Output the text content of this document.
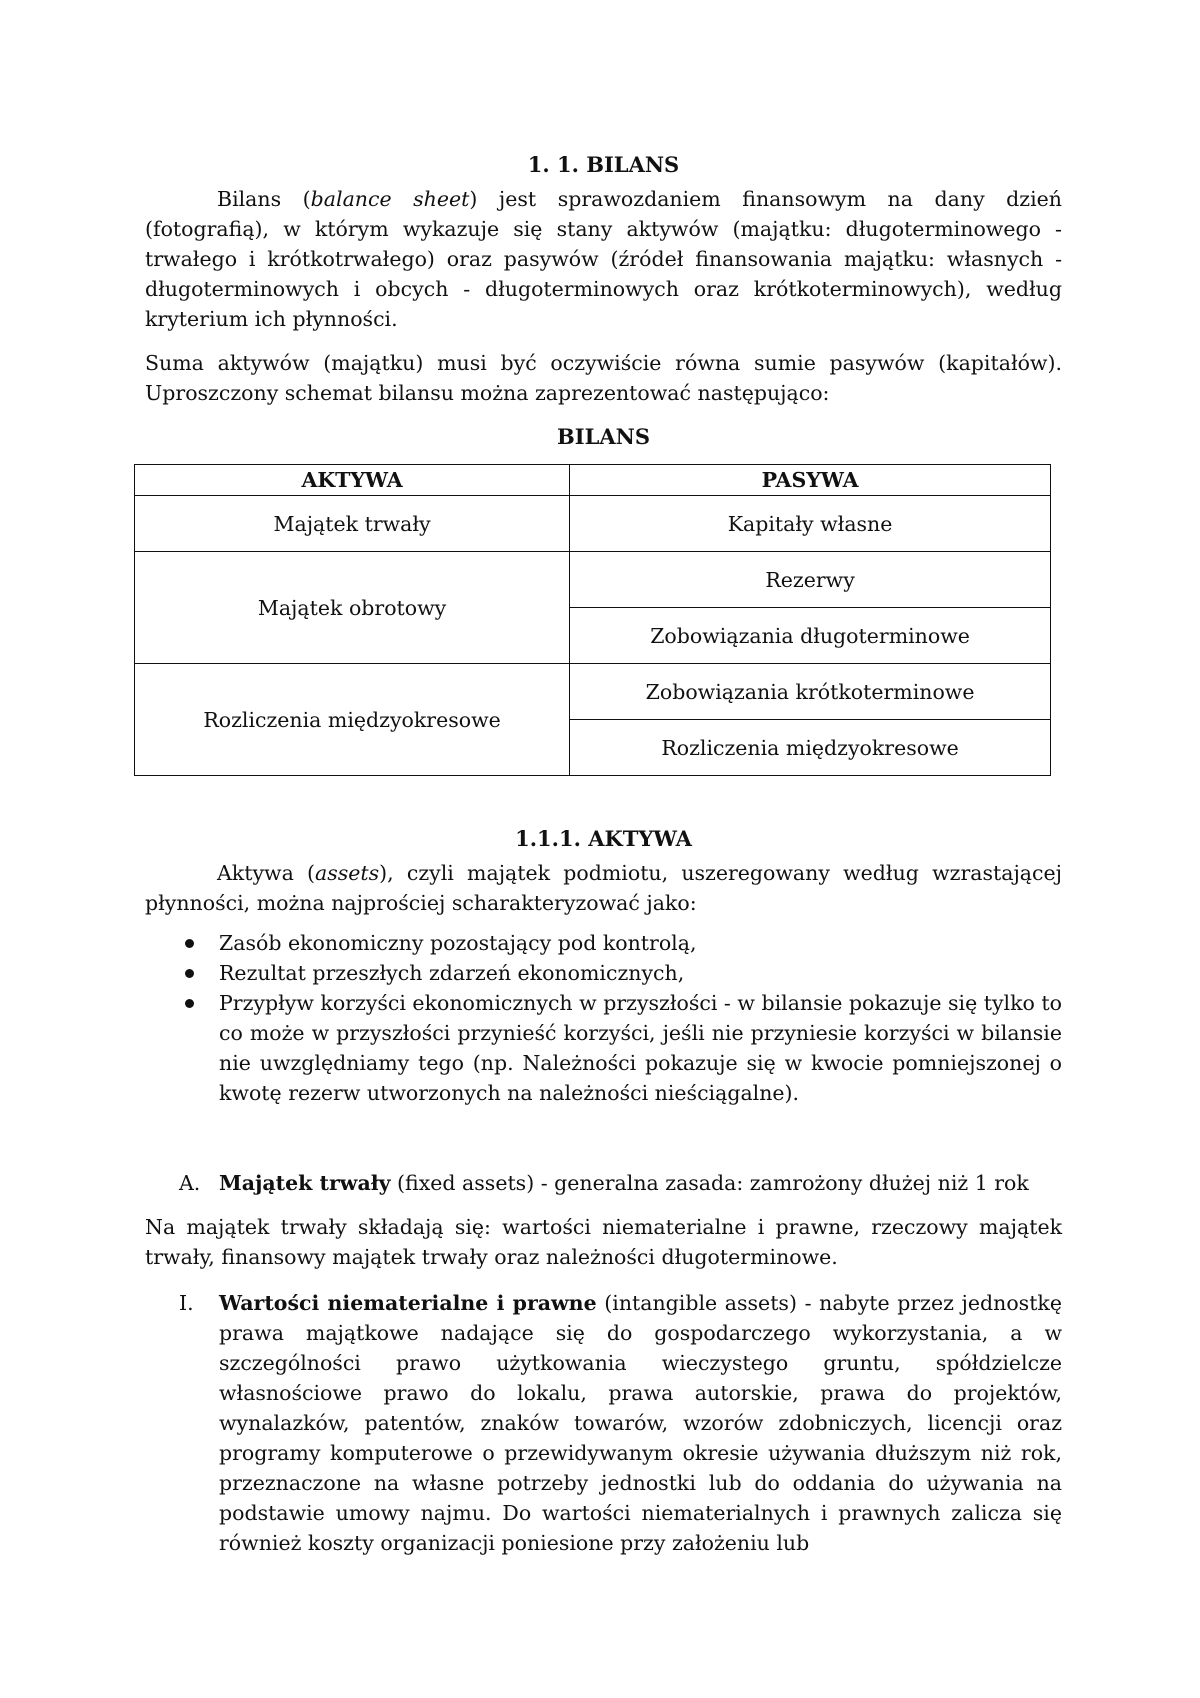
1. 1. BILANS

Bilans (balance sheet) jest sprawozdaniem finansowym na dany dzień (fotografią), w którym wykazuje się stany aktywów (majątku: długoterminowego - trwałego i krótkotrwałego) oraz pasywów (źródeł finansowania majątku: własnych - długoterminowych i obcych - długoterminowych oraz krótkoterminowych), według kryterium ich płynności.

Suma aktywów (majątku) musi być oczywiście równa sumie pasywów (kapitałów). Uproszczony schemat bilansu można zaprezentować następująco:

BILANS
AKTYWA	PASYWA
Majątek trwały	Kapitały własne
Majątek obrotowy	Rezerwy
	Zobowiązania długoterminowe
Rozliczenia międzyokresowe	Zobowiązania krótkoterminowe
	Rozliczenia międzyokresowe
1.1.1. AKTYWA

Aktywa (assets), czyli majątek podmiotu, uszeregowany według wzrastającej płynności, można najprościej scharakteryzować jako:

Zasób ekonomiczny pozostający pod kontrolą,
Rezultat przeszłych zdarzeń ekonomicznych,
Przypływ korzyści ekonomicznych w przyszłości - w bilansie pokazuje się tylko to co może w przyszłości przynieść korzyści, jeśli nie przyniesie korzyści w bilansie nie uwzględniamy tego (np. Należności pokazuje się w kwocie pomniejszonej o kwotę rezerw utworzonych na należności nieściągalne).
A. Majątek trwały (fixed assets) - generalna zasada: zamrożony dłużej niż 1 rok

Na majątek trwały składają się: wartości niematerialne i prawne, rzeczowy majątek trwały, finansowy majątek trwały oraz należności długoterminowe.

I. Wartości niematerialne i prawne (intangible assets) - nabyte przez jednostkę prawa majątkowe nadające się do gospodarczego wykorzystania, a w szczególności prawo użytkowania wieczystego gruntu, spółdzielcze własnościowe prawo do lokalu, prawa autorskie, prawa do projektów, wynalazków, patentów, znaków towarów, wzorów zdobniczych, licencji oraz programy komputerowe o przewidywanym okresie używania dłuższym niż rok, przeznaczone na własne potrzeby jednostki lub do oddania do używania na podstawie umowy najmu. Do wartości niematerialnych i prawnych zalicza się również koszty organizacji poniesione przy założeniu lub
